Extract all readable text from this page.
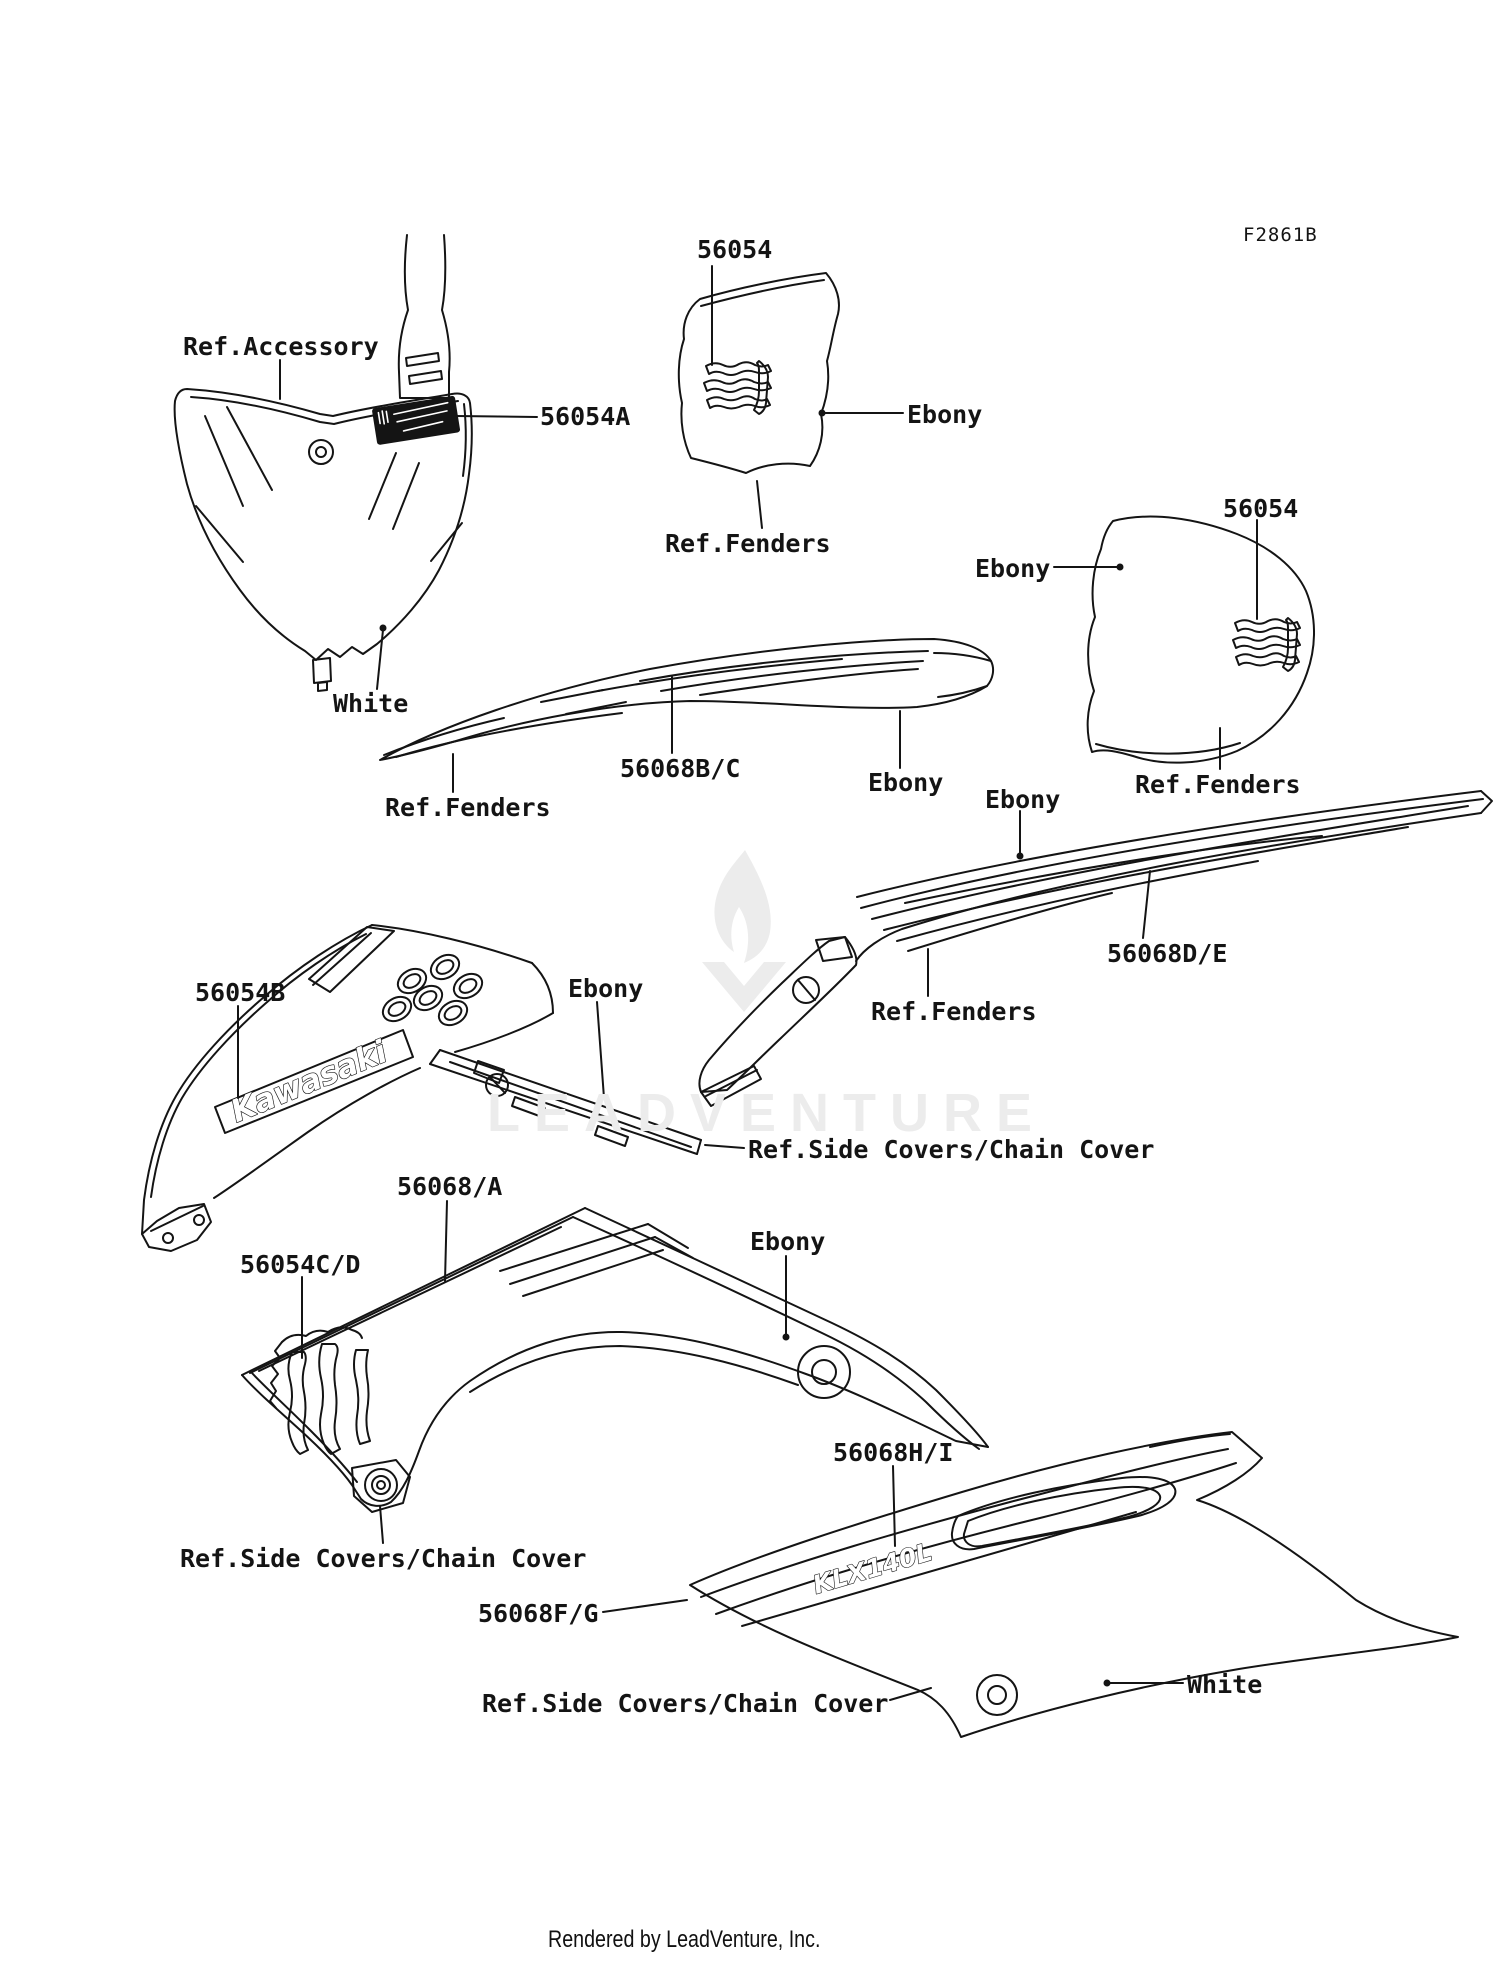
Kawasaki
KLX140L
LEADVENTURE
F2861B
Ref.Accessory
56054A
56054
Ebony
Ref.Fenders
White
Ref.Fenders
56068B/C	Ebony
Ebony
56054
Ebony
Ref.Fenders
56068D/E
Ref.Fenders
56054B	Ebony
Ref.Side Covers/Chain Cover
56068/A
56054C/D
Ebony
Ref.Side Covers/Chain Cover
56068H/I
56068F/G
Ref.Side Covers/Chain Cover
White
Rendered by LeadVenture, Inc.
